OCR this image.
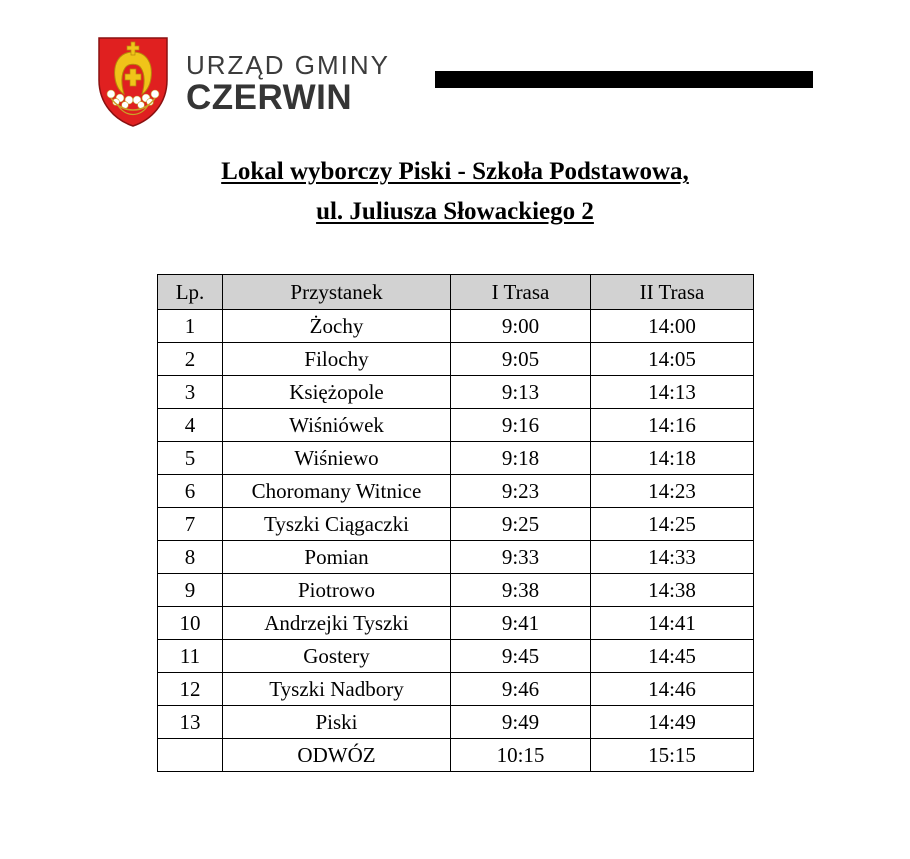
URZĄD GMINY
CZERWIN
Lokal wyborczy Piski - Szkoła Podstawowa,
ul. Juliusza Słowackiego 2
Lp.	Przystanek	I Trasa	II Trasa
1	Żochy	9:00	14:00
2	Filochy	9:05	14:05
3	Księżopole	9:13	14:13
4	Wiśniówek	9:16	14:16
5	Wiśniewo	9:18	14:18
6	Choromany Witnice	9:23	14:23
7	Tyszki Ciągaczki	9:25	14:25
8	Pomian	9:33	14:33
9	Piotrowo	9:38	14:38
10	Andrzejki Tyszki	9:41	14:41
11	Gostery	9:45	14:45
12	Tyszki Nadbory	9:46	14:46
13	Piski	9:49	14:49
	ODWÓZ	10:15	15:15
